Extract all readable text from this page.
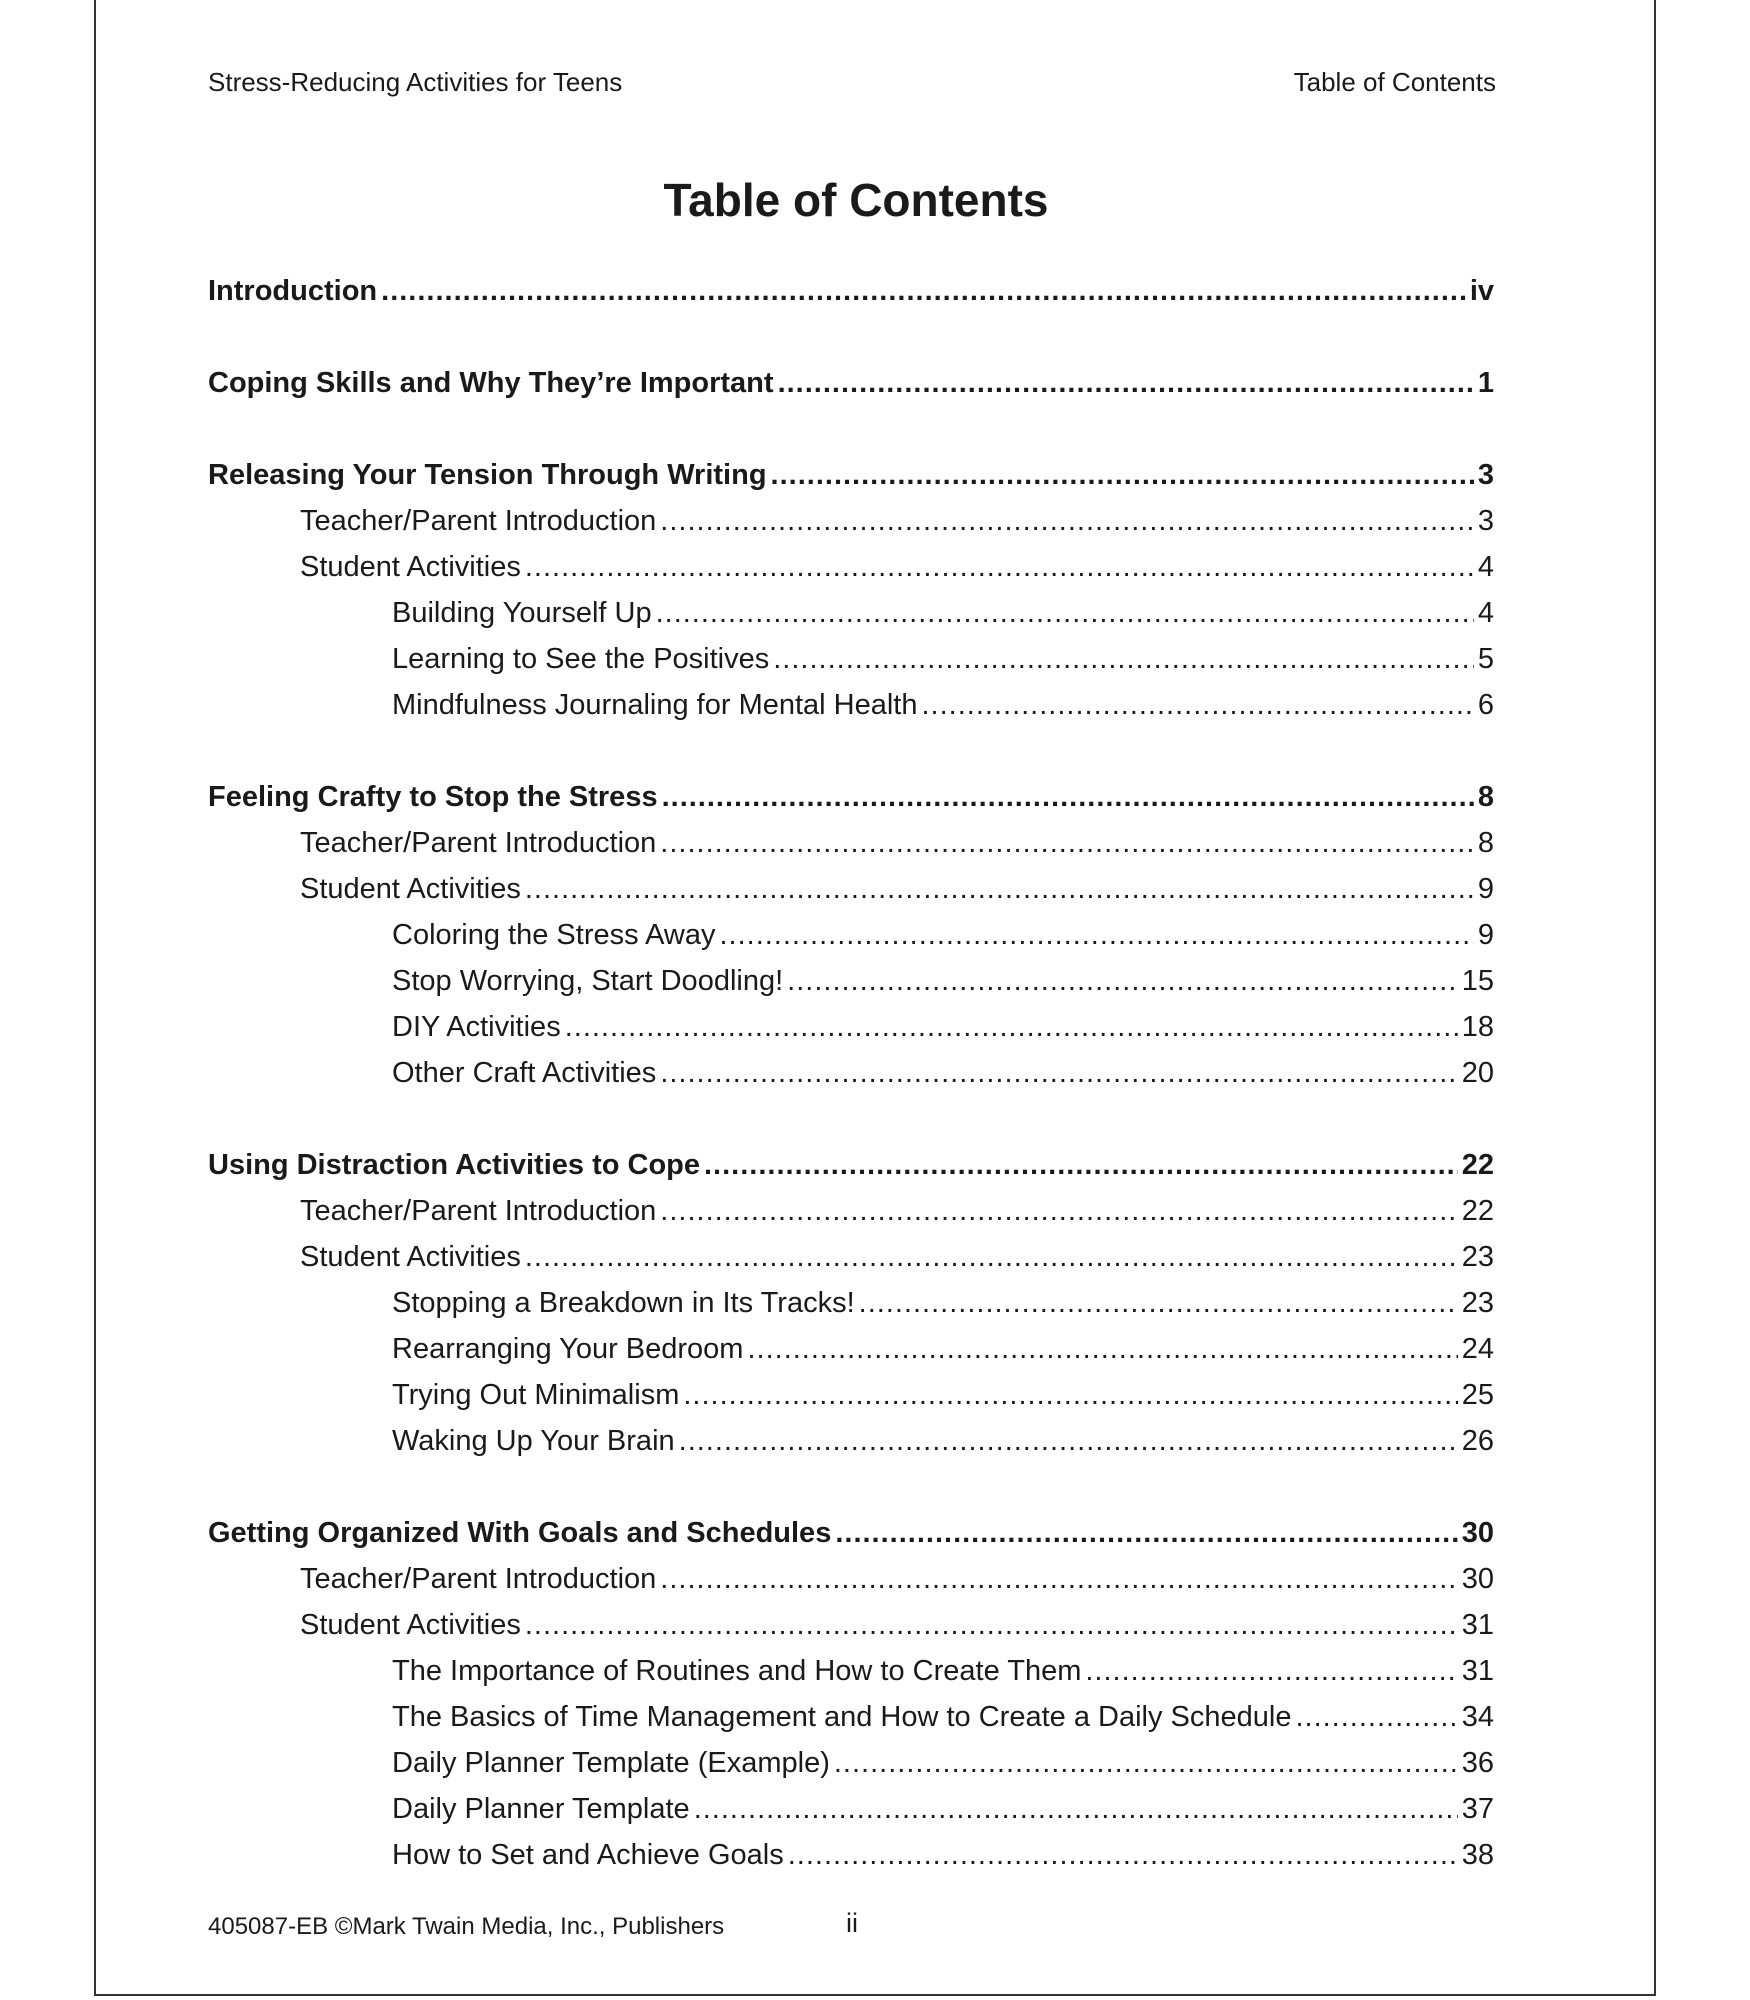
Stress-Reducing Activities for Teens	Table of Contents
Table of Contents
Introduction .....	iv
Coping Skills and Why They’re Important .....	1
Releasing Your Tension Through Writing .....	3
Teacher/Parent Introduction .....	3
Student Activities .....	4
Building Yourself Up .....	4
Learning to See the Positives .....	5
Mindfulness Journaling for Mental Health .....	6
Feeling Crafty to Stop the Stress .....	8
Teacher/Parent Introduction .....	8
Student Activities .....	9
Coloring the Stress Away .....	9
Stop Worrying, Start Doodling! .....	15
DIY Activities .....	18
Other Craft Activities .....	20
Using Distraction Activities to Cope .....	22
Teacher/Parent Introduction .....	22
Student Activities .....	23
Stopping a Breakdown in Its Tracks! .....	23
Rearranging Your Bedroom .....	24
Trying Out Minimalism .....	25
Waking Up Your Brain .....	26
Getting Organized With Goals and Schedules .....	30
Teacher/Parent Introduction .....	30
Student Activities .....	31
The Importance of Routines and How to Create Them .....	31
The Basics of Time Management and How to Create a Daily Schedule .....	34
Daily Planner Template (Example) .....	36
Daily Planner Template .....	37
How to Set and Achieve Goals .....	38
405087-EB ©Mark Twain Media, Inc., Publishers	ii
